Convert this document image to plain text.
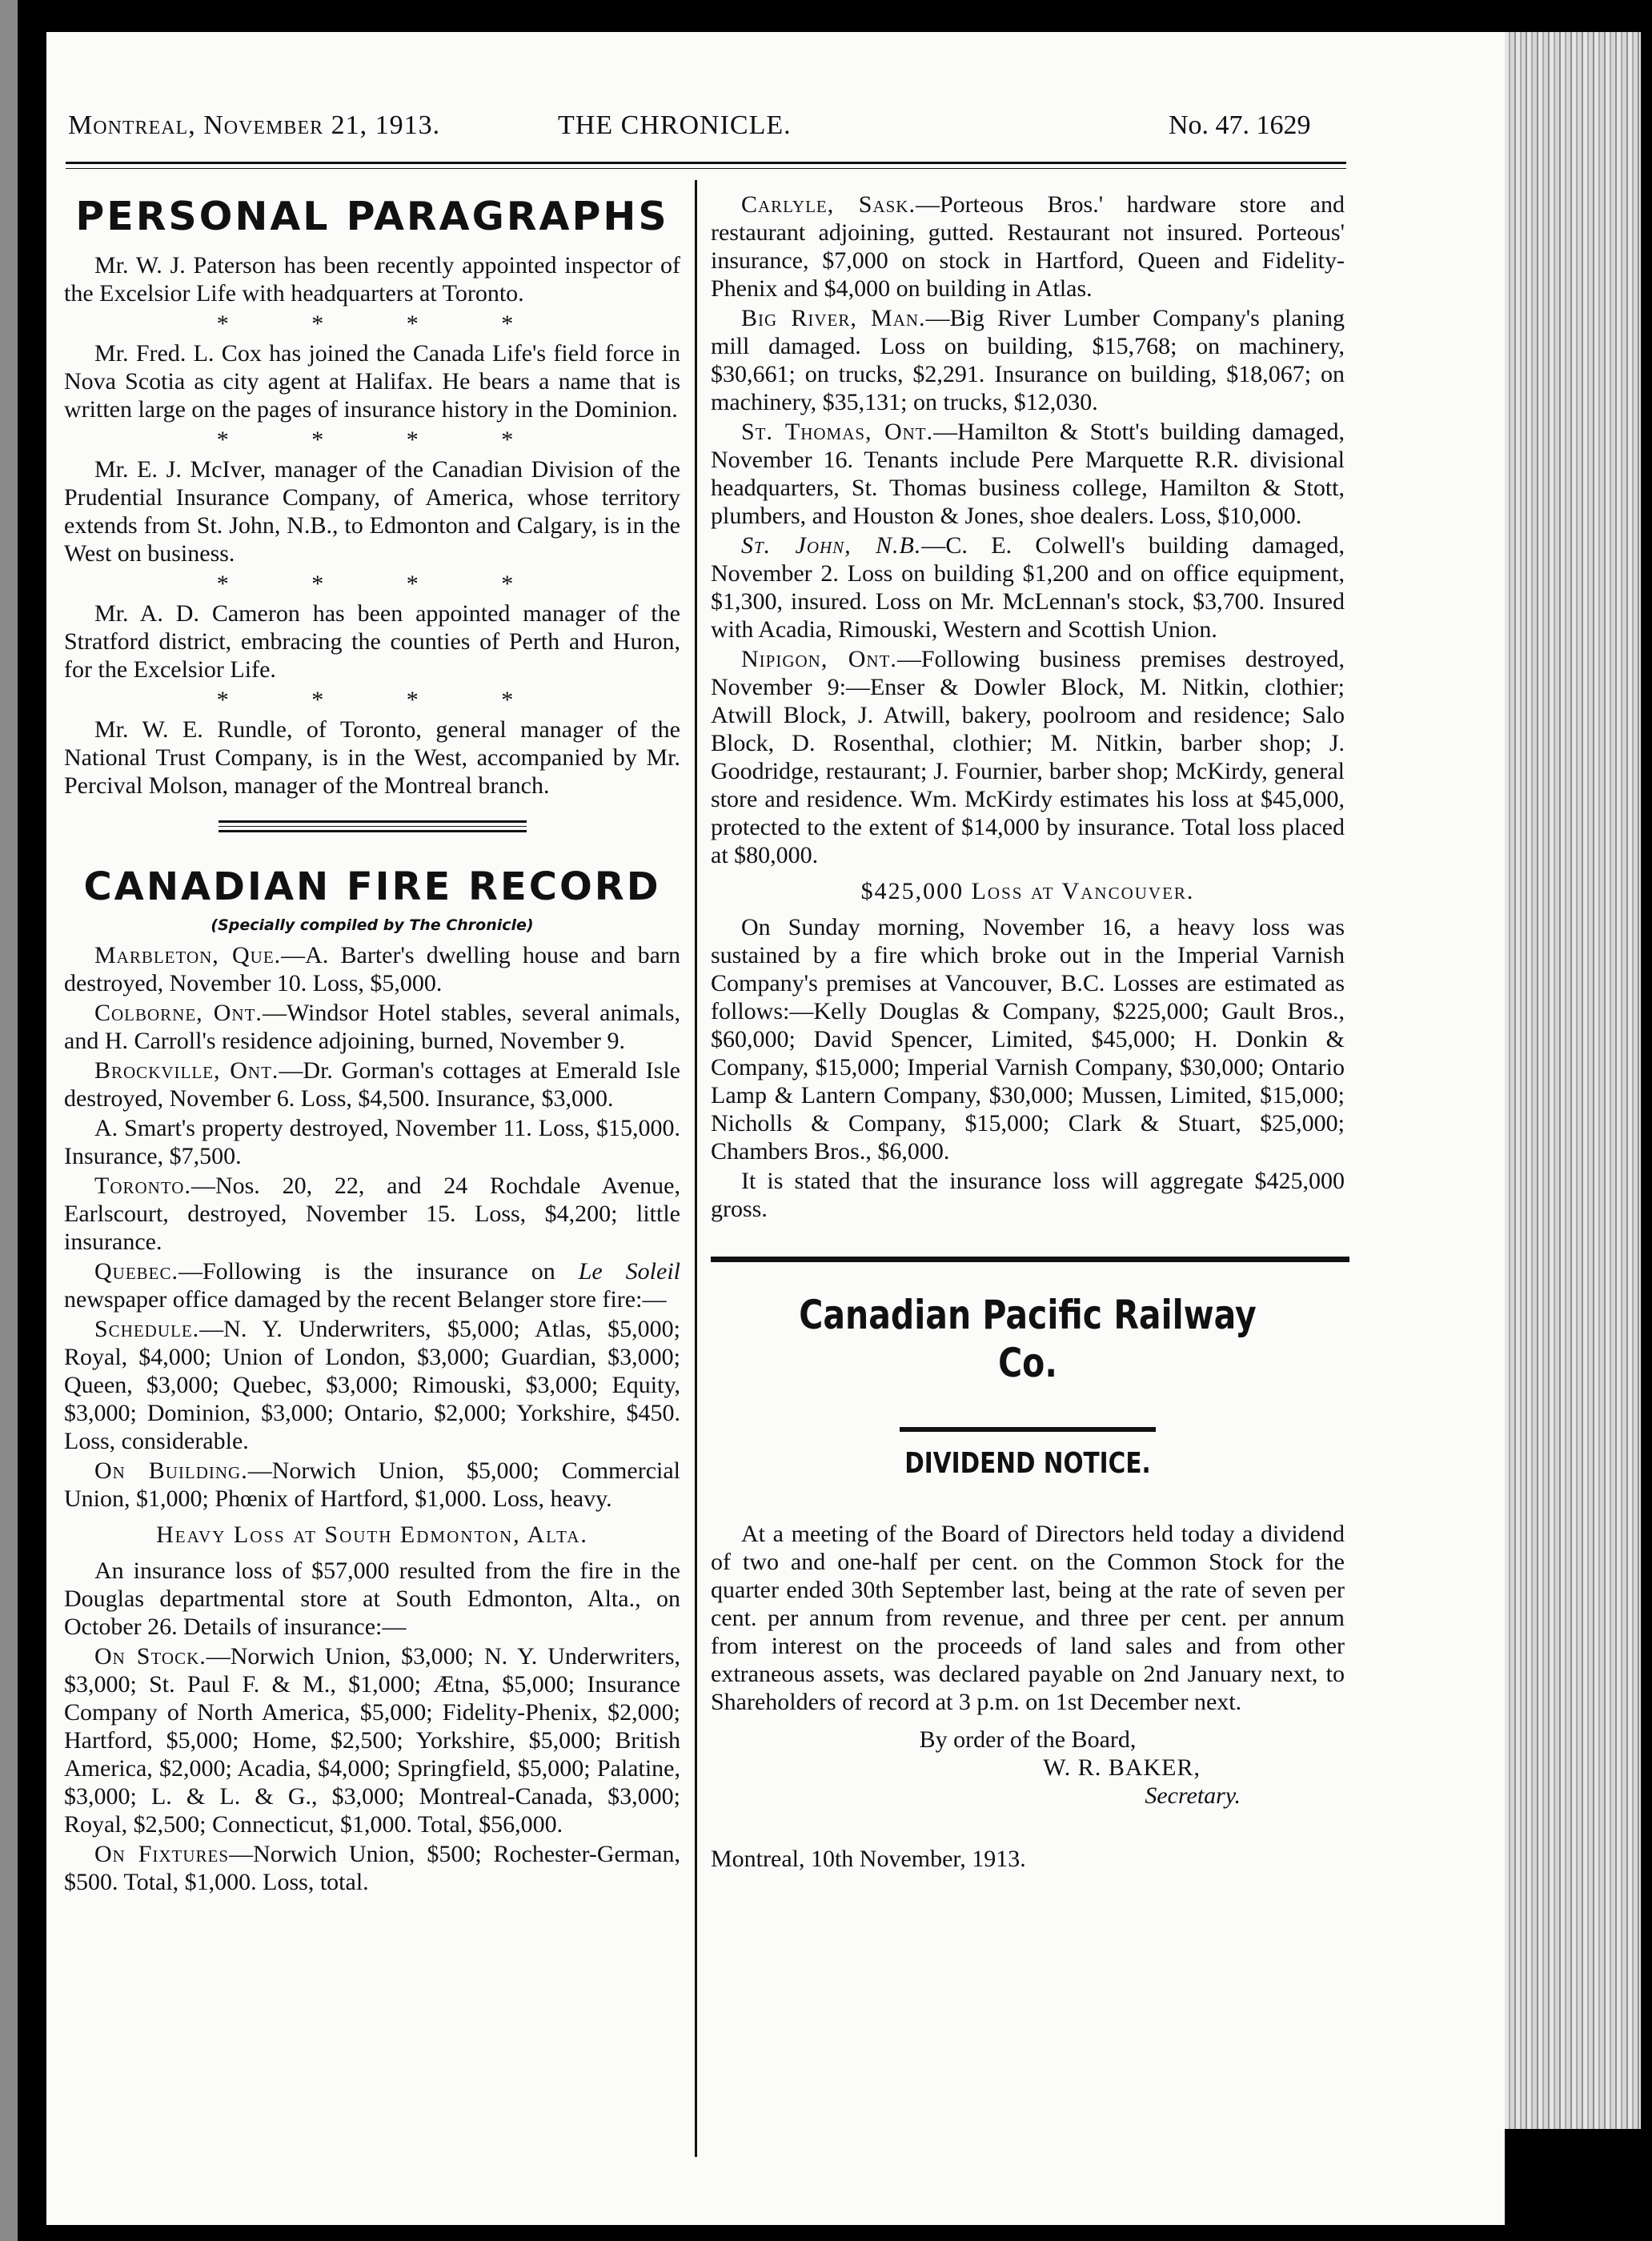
Montreal, November 21, 1913.	THE CHRONICLE.	No. 47. 1629
PERSONAL PARAGRAPHS

Mr. W. J. Paterson has been recently appointed inspector of the Excelsior Life with headquarters at Toronto.

* * * *

Mr. Fred. L. Cox has joined the Canada Life's field force in Nova Scotia as city agent at Halifax. He bears a name that is written large on the pages of insurance history in the Dominion.

* * * *

Mr. E. J. McIver, manager of the Canadian Division of the Prudential Insurance Company, of America, whose territory extends from St. John, N.B., to Edmonton and Calgary, is in the West on business.

* * * *

Mr. A. D. Cameron has been appointed manager of the Stratford district, embracing the counties of Perth and Huron, for the Excelsior Life.

* * * *

Mr. W. E. Rundle, of Toronto, general manager of the National Trust Company, is in the West, accompanied by Mr. Percival Molson, manager of the Montreal branch.

CANADIAN FIRE RECORD
(Specially compiled by The Chronicle)

Marbleton, Que.—A. Barter's dwelling house and barn destroyed, November 10. Loss, $5,000.

Colborne, Ont.—Windsor Hotel stables, several animals, and H. Carroll's residence adjoining, burned, November 9.

Brockville, Ont.—Dr. Gorman's cottages at Emerald Isle destroyed, November 6. Loss, $4,500. Insurance, $3,000.

A. Smart's property destroyed, November 11. Loss, $15,000. Insurance, $7,500.

Toronto.—Nos. 20, 22, and 24 Rochdale Avenue, Earlscourt, destroyed, November 15. Loss, $4,200; little insurance.

Quebec.—Following is the insurance on Le Soleil newspaper office damaged by the recent Belanger store fire:—

Schedule.—N. Y. Underwriters, $5,000; Atlas, $5,000; Royal, $4,000; Union of London, $3,000; Guardian, $3,000; Queen, $3,000; Quebec, $3,000; Rimouski, $3,000; Equity, $3,000; Dominion, $3,000; Ontario, $2,000; Yorkshire, $450. Loss, considerable.

On Building.—Norwich Union, $5,000; Commercial Union, $1,000; Phœnix of Hartford, $1,000. Loss, heavy.

Heavy Loss at South Edmonton, Alta.

An insurance loss of $57,000 resulted from the fire in the Douglas departmental store at South Edmonton, Alta., on October 26. Details of insurance:—

On Stock.—Norwich Union, $3,000; N. Y. Underwriters, $3,000; St. Paul F. & M., $1,000; Ætna, $5,000; Insurance Company of North America, $5,000; Fidelity-Phenix, $2,000; Hartford, $5,000; Home, $2,500; Yorkshire, $5,000; British America, $2,000; Acadia, $4,000; Springfield, $5,000; Palatine, $3,000; L. & L. & G., $3,000; Montreal-Canada, $3,000; Royal, $2,500; Connecticut, $1,000. Total, $56,000.

On Fixtures—Norwich Union, $500; Rochester-German, $500. Total, $1,000. Loss, total.

Carlyle, Sask.—Porteous Bros.' hardware store and restaurant adjoining, gutted. Restaurant not insured. Porteous' insurance, $7,000 on stock in Hartford, Queen and Fidelity-Phenix and $4,000 on building in Atlas.

Big River, Man.—Big River Lumber Company's planing mill damaged. Loss on building, $15,768; on machinery, $30,661; on trucks, $2,291. Insurance on building, $18,067; on machinery, $35,131; on trucks, $12,030.

St. Thomas, Ont.—Hamilton & Stott's building damaged, November 16. Tenants include Pere Marquette R.R. divisional headquarters, St. Thomas business college, Hamilton & Stott, plumbers, and Houston & Jones, shoe dealers. Loss, $10,000.

St. John, N.B.—C. E. Colwell's building damaged, November 2. Loss on building $1,200 and on office equipment, $1,300, insured. Loss on Mr. McLennan's stock, $3,700. Insured with Acadia, Rimouski, Western and Scottish Union.

Nipigon, Ont.—Following business premises destroyed, November 9:—Enser & Dowler Block, M. Nitkin, clothier; Atwill Block, J. Atwill, bakery, poolroom and residence; Salo Block, D. Rosenthal, clothier; M. Nitkin, barber shop; J. Goodridge, restaurant; J. Fournier, barber shop; McKirdy, general store and residence. Wm. McKirdy estimates his loss at $45,000, protected to the extent of $14,000 by insurance. Total loss placed at $80,000.

$425,000 Loss at Vancouver.

On Sunday morning, November 16, a heavy loss was sustained by a fire which broke out in the Imperial Varnish Company's premises at Vancouver, B.C. Losses are estimated as follows:—Kelly Douglas & Company, $225,000; Gault Bros., $60,000; David Spencer, Limited, $45,000; H. Donkin & Company, $15,000; Imperial Varnish Company, $30,000; Ontario Lamp & Lantern Company, $30,000; Mussen, Limited, $15,000; Nicholls & Company, $15,000; Clark & Stuart, $25,000; Chambers Bros., $6,000.

It is stated that the insurance loss will aggregate $425,000 gross.

Canadian Pacific Railway Co.
DIVIDEND NOTICE.

At a meeting of the Board of Directors held today a dividend of two and one-half per cent. on the Common Stock for the quarter ended 30th September last, being at the rate of seven per cent. per annum from revenue, and three per cent. per annum from interest on the proceeds of land sales and from other extraneous assets, was declared payable on 2nd January next, to Shareholders of record at 3 p.m. on 1st December next.

By order of the Board,
W. R. BAKER,
Secretary.
Montreal, 10th November, 1913.
